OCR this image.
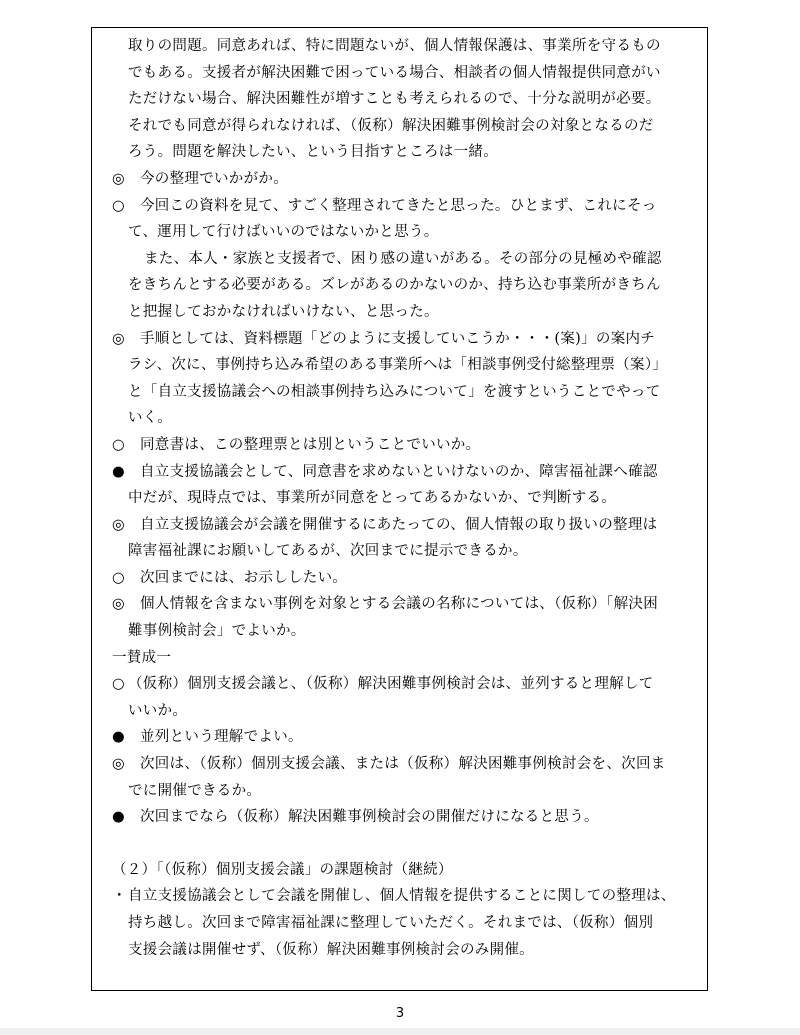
取りの問題。同意あれば、特に問題ないが、個人情報保護は、事業所を守るもの
でもある。支援者が解決困難で困っている場合、相談者の個人情報提供同意がい
ただけない場合、解決困難性が増すことも考えられるので、十分な説明が必要。
それでも同意が得られなければ、（仮称）解決困難事例検討会の対象となるのだ
ろう。問題を解決したい、という目指すところは一緒。
◎	今の整理でいかがか。
○	今回この資料を見て、すごく整理されてきたと思った。ひとまず、これにそっ
て、運用して行けばいいのではないかと思う。
また、本人・家族と支援者で、困り感の違いがある。その部分の見極めや確認
をきちんとする必要がある。ズレがあるのかないのか、持ち込む事業所がきちん
と把握しておかなければいけない、と思った。
◎	手順としては、資料標題「どのように支援していこうか・・・(案)」の案内チ
ラシ、次に、事例持ち込み希望のある事業所へは「相談事例受付総整理票（案）」
と「自立支援協議会への相談事例持ち込みについて」を渡すということでやって
いく。
○	同意書は、この整理票とは別ということでいいか。
●	自立支援協議会として、同意書を求めないといけないのか、障害福祉課へ確認
中だが、現時点では、事業所が同意をとってあるかないか、で判断する。
◎	自立支援協議会が会議を開催するにあたっての、個人情報の取り扱いの整理は
障害福祉課にお願いしてあるが、次回までに提示できるか。
○	次回までには、お示ししたい。
◎	個人情報を含まない事例を対象とする会議の名称については、（仮称）「解決困
難事例検討会」でよいか。
一賛成一
○ （仮称）個別支援会議と、（仮称）解決困難事例検討会は、並列すると理解して
いいか。
●	並列という理解でよい。
◎	次回は、（仮称）個別支援会議、または（仮称）解決困難事例検討会を、次回ま
でに開催できるか。
●	次回までなら（仮称）解決困難事例検討会の開催だけになると思う。
（２）「（仮称）個別支援会議」の課題検討（継続）
・ 自立支援協議会として会議を開催し、個人情報を提供することに関しての整理は、
持ち越し。次回まで障害福祉課に整理していただく。それまでは、（仮称）個別
支援会議は開催せず、（仮称）解決困難事例検討会のみ開催。
3
